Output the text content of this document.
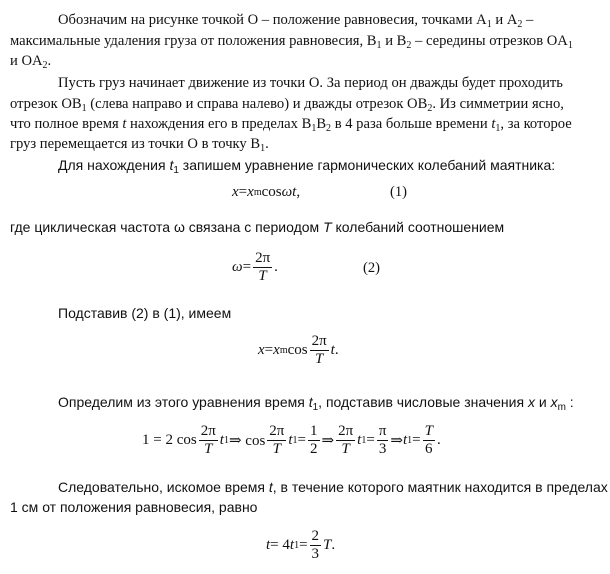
Обозначим на рисунке точкой O – положение равновесия, точками $A_1$ и $A_2$ –
максимальные удаления груза от положения равновесия, $B_1$ и $B_2$ – середины отрезков $OA_1$
и $OA_2$.
Пусть груз начинает движение из точки O. За период он дважды будет проходить
отрезок $OB_1$ (слева направо и справа налево) и дважды отрезок $OB_2$. Из симметрии ясно,
что полное время t нахождения его в пределах $B_1B_2$ в 4 раза больше времени $t_1$, за которое
груз перемещается из точки O в точку $B_1$.
Для нахождения $t_1$ запишем уравнение гармонических колебаний маятника:
x = x m cos ωt ,	(1)
где циклическая частота ω связана с периодом T колебаний соотношением
$\omega = \frac{2\pi}{T}$ .	(2)
Подставив (2) в (1), имеем
x = x m $\cos \frac{2\pi}{T}$ t .
Определим из этого уравнения время $t_1$, подставив числовые значения x и $x_m$ :
1 = 2 $\cos \frac{2\pi}{T}$ t 1 ⇒ $\cos \frac{2\pi}{T}$ t $1 = \frac{1}{2}$ ⇒ $\frac{2\pi}{T}$ t $1 = \frac{\pi}{3}$ ⇒ t $1 = \frac{T}{6}$ .
Следовательно, искомое время t, в течение которого маятник находится в пределах
1 см от положения равновесия, равно
t = 4 t $1 = \frac{2}{3}$ T .
